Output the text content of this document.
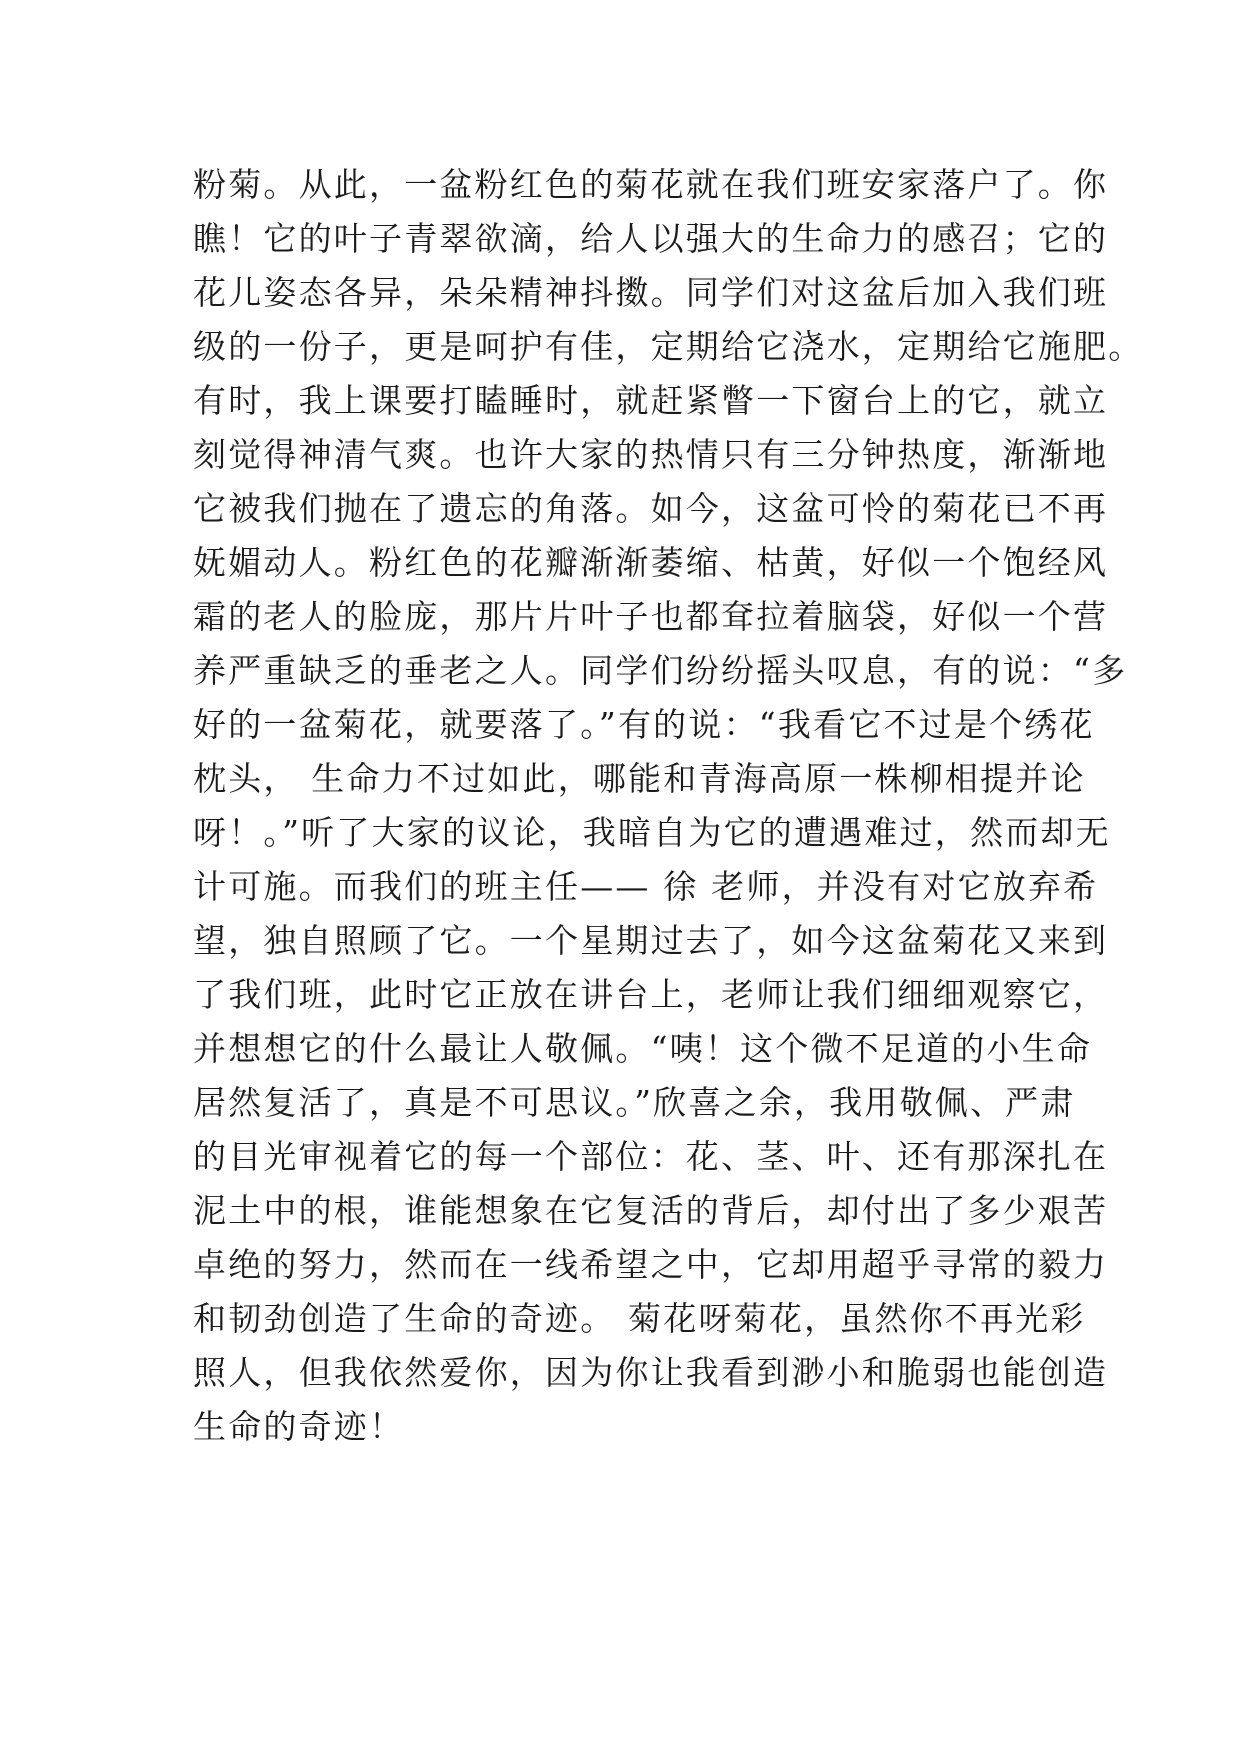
粉菊。从此，一盆粉红色的菊花就在我们班安家落户了。你
瞧！它的叶子青翠欲滴，给人以强大的生命力的感召；它的
花儿姿态各异，朵朵精神抖擞。同学们对这盆后加入我们班
级的一份子，更是呵护有佳，定期给它浇水，定期给它施肥。
有时，我上课要打瞌睡时，就赶紧瞥一下窗台上的它，就立
刻觉得神清气爽。也许大家的热情只有三分钟热度，渐渐地
它被我们抛在了遗忘的角落。如今，这盆可怜的菊花已不再
妩媚动人。粉红色的花瓣渐渐萎缩、枯黄，好似一个饱经风
霜的老人的脸庞，那片片叶子也都耷拉着脑袋，好似一个营
养严重缺乏的垂老之人。同学们纷纷摇头叹息，有的说：“多
好的一盆菊花，就要落了。”有的说：“我看它不过是个绣花
枕头， 生命力不过如此，哪能和青海高原一株柳相提并论
呀！。”听了大家的议论，我暗自为它的遭遇难过，然而却无
计可施。而我们的班主任—— 徐 老师，并没有对它放弃希
望，独自照顾了它。一个星期过去了，如今这盆菊花又来到
了我们班，此时它正放在讲台上，老师让我们细细观察它，
并想想它的什么最让人敬佩。“咦！这个微不足道的小生命
居然复活了，真是不可思议。”欣喜之余，我用敬佩、严肃
的目光审视着它的每一个部位：花、茎、叶、还有那深扎在
泥土中的根，谁能想象在它复活的背后，却付出了多少艰苦
卓绝的努力，然而在一线希望之中，它却用超乎寻常的毅力
和韧劲创造了生命的奇迹。 菊花呀菊花，虽然你不再光彩
照人，但我依然爱你，因为你让我看到渺小和脆弱也能创造
生命的奇迹！
